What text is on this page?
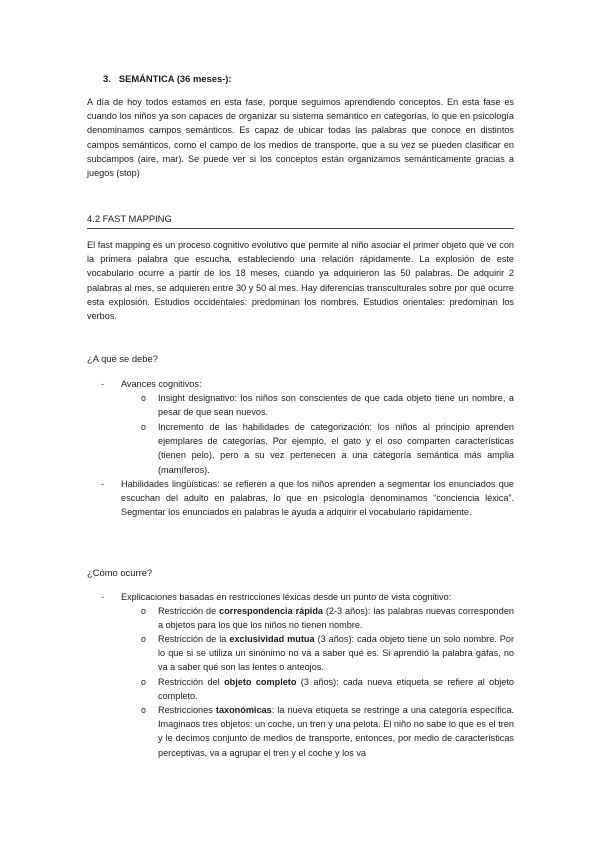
3. SEMÁNTICA (36 meses-):

A día de hoy todos estamos en esta fase, porque seguimos aprendiendo conceptos. En esta fase es cuando los niños ya son capaces de organizar su sistema semántico en categorías, lo que en psicología denominamos campos semánticos. Es capaz de ubicar todas las palabras que conoce en distintos campos semánticos, como el campo de los medios de transporte, que a su vez se pueden clasificar en subcampos (aire, mar). Se puede ver si los conceptos están organizamos semánticamente gracias a juegos (stop)

4.2 FAST MAPPING

El fast mapping es un proceso cognitivo evolutivo que permite al niño asociar el primer objeto que ve con la primera palabra que escucha, estableciendo una relación rápidamente. La explosión de este vocabulario ocurre a partir de los 18 meses, cuando ya adquirieron las 50 palabras. De adquirir 2 palabras al mes, se adquieren entre 30 y 50 al mes. Hay diferencias transculturales sobre por qué ocurre esta explosión. Estudios occidentales: predominan los nombres. Estudios orientales: predominan los verbos.

¿A qué se debe?
- Avances cognitivos:

o Insight designativo: los niños son conscientes de que cada objeto tiene un nombre, a pesar de que sean nuevos.

o Incremento de las habilidades de categorización: los niños al principio aprenden ejemplares de categorías. Por ejemplo, el gato y el oso comparten características (tienen pelo), pero a su vez pertenecen a una categoría semántica más amplia (mamíferos).

- Habilidades lingüísticas: se refieren a que los niños aprenden a segmentar los enunciados que escuchan del adulto en palabras, lo que en psicología denominamos “conciencia léxica”. Segmentar los enunciados en palabras le ayuda a adquirir el vocabulario rápidamente.

¿Cómo ocurre?
- Explicaciones basadas en restricciones léxicas desde un punto de vista cognitivo:

o Restricción de correspondencia rápida (2-3 años): las palabras nuevas corresponden a objetos para los que los niños no tienen nombre.

o Restricción de la exclusividad mutua (3 años): cada objeto tiene un solo nombre. Por lo que si se utiliza un sinónimo no va a saber qué es. Si aprendió la palabra gafas, no va a saber qué son las lentes o anteojos.

o Restricción del objeto completo (3 años): cada nueva etiqueta se refiere al objeto completo.

o Restricciones taxonómicas: la nueva etiqueta se restringe a una categoría específica. Imaginaos tres objetos: un coche, un tren y una pelota. El niño no sabe lo que es el tren y le decimos conjunto de medios de transporte, entonces, por medio de características perceptivas, va a agrupar el tren y el coche y los va
